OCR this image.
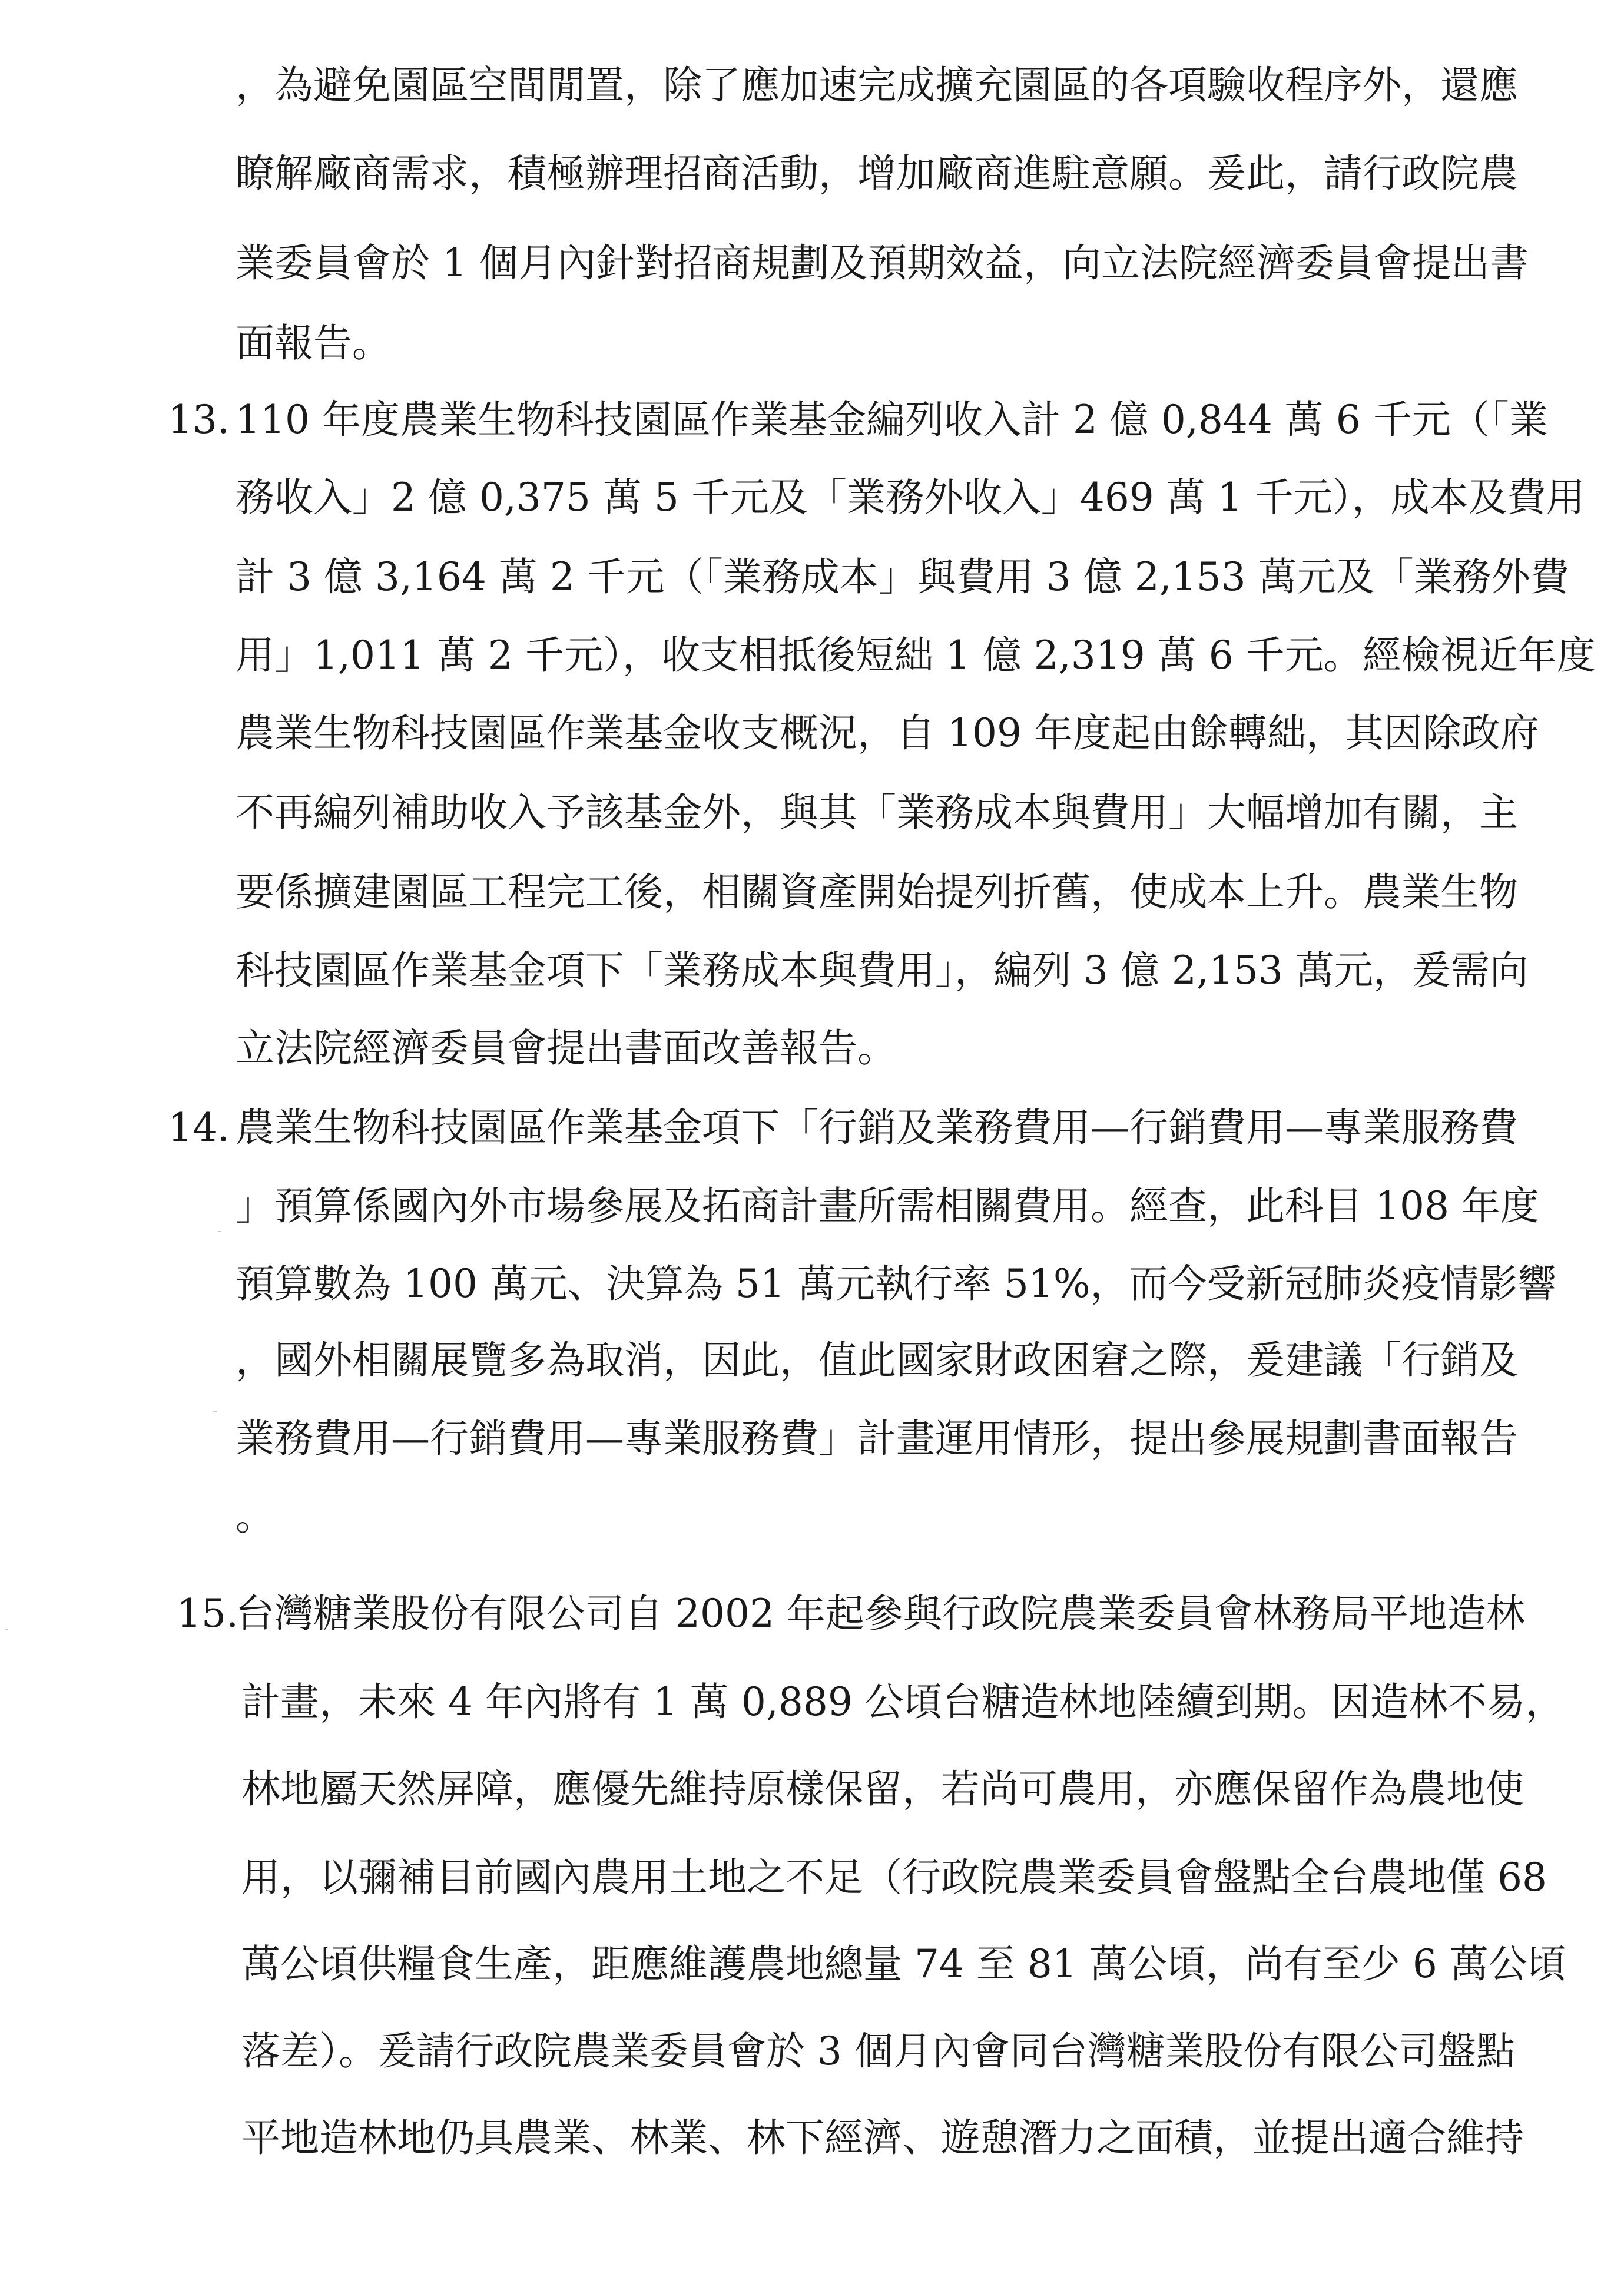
，為避免園區空間閒置，除了應加速完成擴充園區的各項驗收程序外，還應
瞭解廠商需求，積極辦理招商活動，增加廠商進駐意願。爰此，請行政院農
業委員會於 1 個月內針對招商規劃及預期效益，向立法院經濟委員會提出書
面報告。
13. 110 年度農業生物科技園區作業基金編列收入計 2 億 0,844 萬 6 千元（「業
務收入」2 億 0,375 萬 5 千元及「業務外收入」469 萬 1 千元），成本及費用
計 3 億 3,164 萬 2 千元（「業務成本」與費用 3 億 2,153 萬元及「業務外費
用」1,011 萬 2 千元），收支相抵後短絀 1 億 2,319 萬 6 千元。經檢視近年度
農業生物科技園區作業基金收支概況，自 109 年度起由餘轉絀，其因除政府
不再編列補助收入予該基金外，與其「業務成本與費用」大幅增加有關，主
要係擴建園區工程完工後，相關資產開始提列折舊，使成本上升。農業生物
科技園區作業基金項下「業務成本與費用」，編列 3 億 2,153 萬元，爰需向
立法院經濟委員會提出書面改善報告。
14. 農業生物科技園區作業基金項下「行銷及業務費用—行銷費用—專業服務費
」預算係國內外市場參展及拓商計畫所需相關費用。經查，此科目 108 年度
預算數為 100 萬元、決算為 51 萬元執行率 51%，而今受新冠肺炎疫情影響
，國外相關展覽多為取消，因此，值此國家財政困窘之際，爰建議「行銷及
業務費用—行銷費用—專業服務費」計畫運用情形，提出參展規劃書面報告
。
15.
台灣糖業股份有限公司自 2002 年起參與行政院農業委員會林務局平地造林
計畫，未來 4 年內將有 1 萬 0,889 公頃台糖造林地陸續到期。因造林不易，
林地屬天然屏障，應優先維持原樣保留，若尚可農用，亦應保留作為農地使
用，以彌補目前國內農用土地之不足（行政院農業委員會盤點全台農地僅 68
萬公頃供糧食生產，距應維護農地總量 74 至 81 萬公頃，尚有至少 6 萬公頃
落差）。爰請行政院農業委員會於 3 個月內會同台灣糖業股份有限公司盤點
平地造林地仍具農業、林業、林下經濟、遊憩潛力之面積，並提出適合維持
